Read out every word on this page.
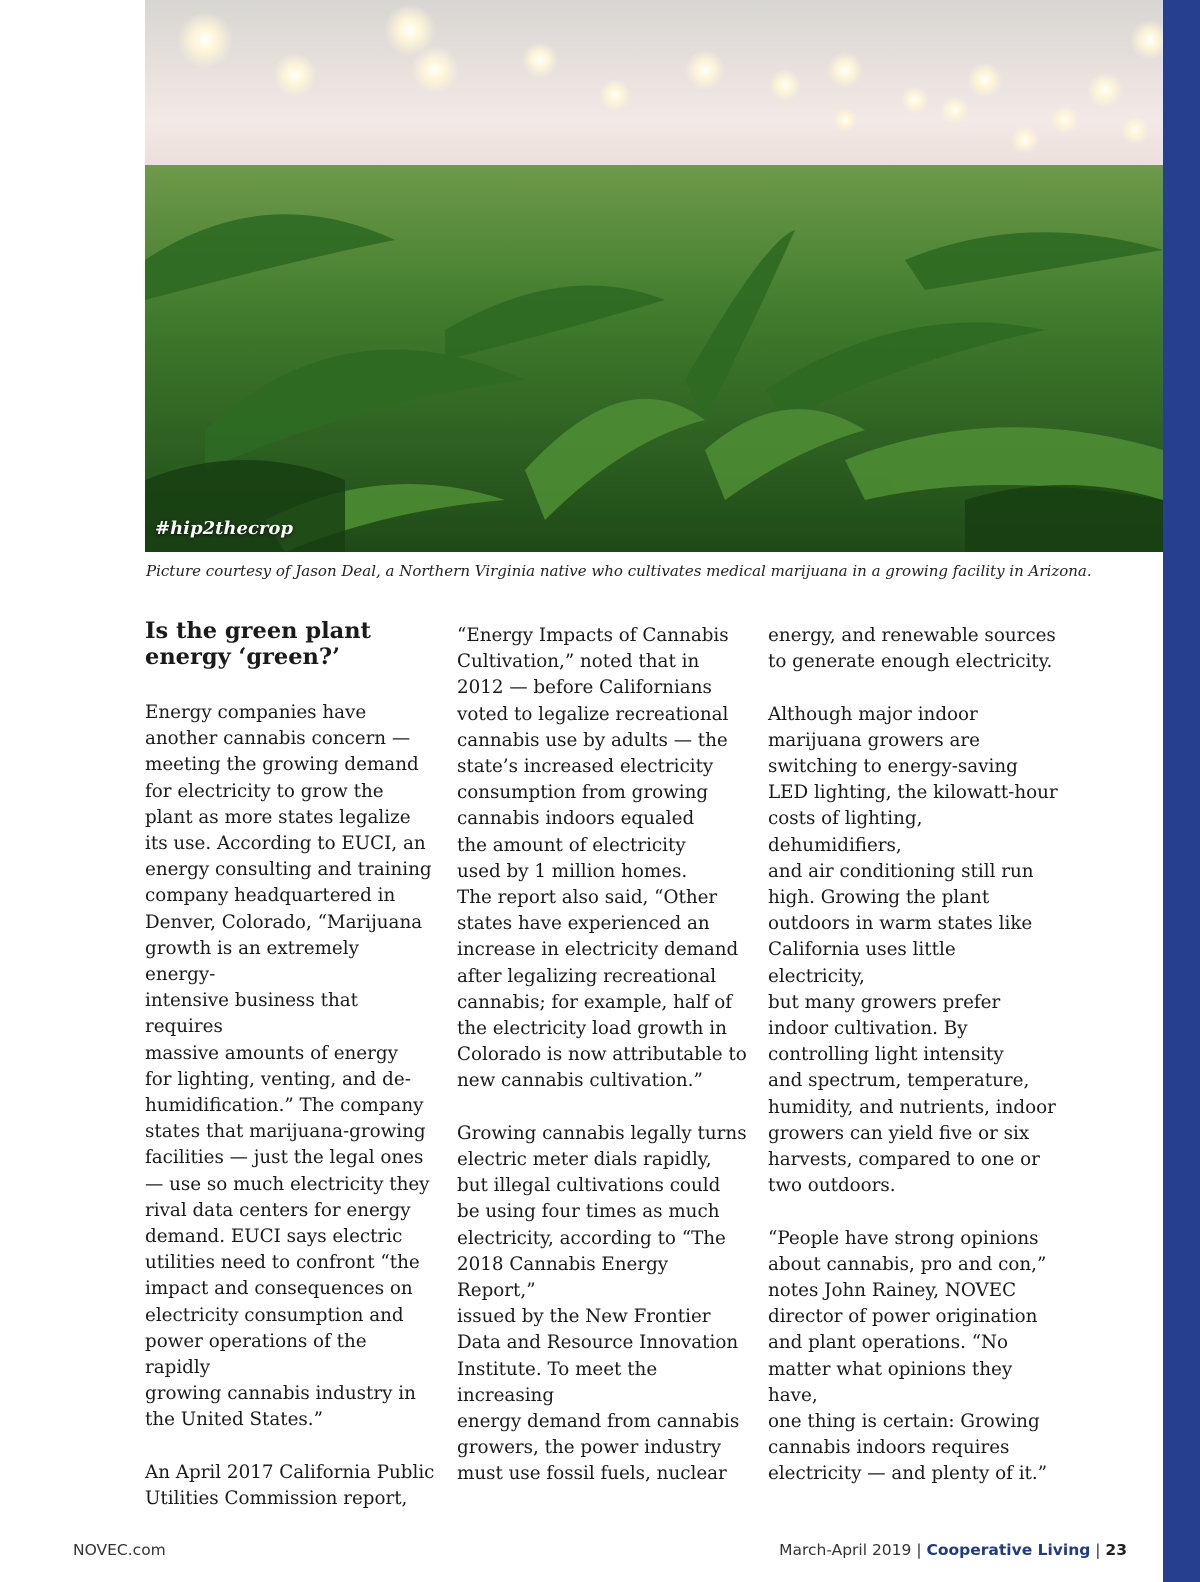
#hip2thecrop
Picture courtesy of Jason Deal, a Northern Virginia native who cultivates medical marijuana in a growing facility in Arizona.
Is the green plant
energy ‘green?’

Energy companies have
another cannabis concern —
meeting the growing demand
for electricity to grow the
plant as more states legalize
its use. According to EUCI, an
energy consulting and training
company headquartered in
Denver, Colorado, “Marijuana
growth is an extremely energy-
intensive business that requires
massive amounts of energy
for lighting, venting, and de-
humidification.” The company
states that marijuana-growing
facilities — just the legal ones
— use so much electricity they
rival data centers for energy
demand. EUCI says electric
utilities need to confront “the
impact and consequences on
electricity consumption and
power operations of the rapidly
growing cannabis industry in
the United States.”

An April 2017 California Public
Utilities Commission report,

“Energy Impacts of Cannabis
Cultivation,” noted that in
2012 — before Californians
voted to legalize recreational
cannabis use by adults — the
state’s increased electricity
consumption from growing
cannabis indoors equaled
the amount of electricity
used by 1 million homes.
The report also said, “Other
states have experienced an
increase in electricity demand
after legalizing recreational
cannabis; for example, half of
the electricity load growth in
Colorado is now attributable to
new cannabis cultivation.”

Growing cannabis legally turns
electric meter dials rapidly,
but illegal cultivations could
be using four times as much
electricity, according to “The
2018 Cannabis Energy Report,”
issued by the New Frontier
Data and Resource Innovation
Institute. To meet the increasing
energy demand from cannabis
growers, the power industry
must use fossil fuels, nuclear

energy, and renewable sources
to generate enough electricity.

Although major indoor
marijuana growers are
switching to energy-saving
LED lighting, the kilowatt-hour
costs of lighting, dehumidifiers,
and air conditioning still run
high. Growing the plant
outdoors in warm states like
California uses little electricity,
but many growers prefer
indoor cultivation. By
controlling light intensity
and spectrum, temperature,
humidity, and nutrients, indoor
growers can yield five or six
harvests, compared to one or
two outdoors.

“People have strong opinions
about cannabis, pro and con,”
notes John Rainey, NOVEC
director of power origination
and plant operations. “No
matter what opinions they have,
one thing is certain: Growing
cannabis indoors requires
electricity — and plenty of it.”

NOVEC.com	March-April 2019 | Cooperative Living | 23
